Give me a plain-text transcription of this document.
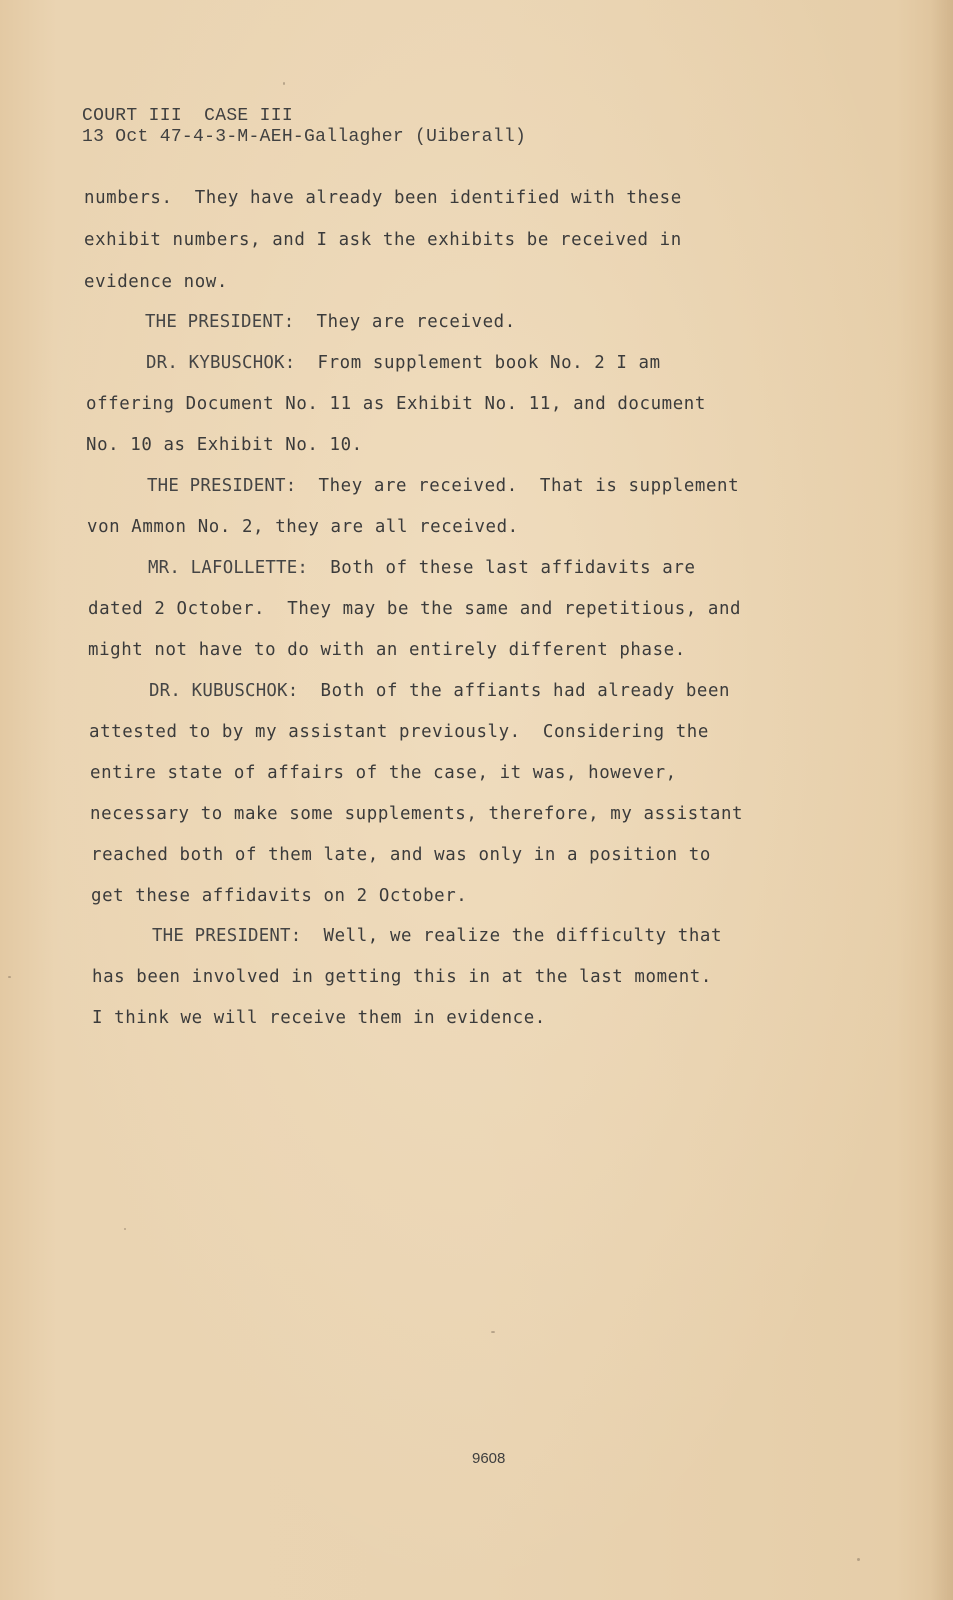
COURT III  CASE III
13 Oct 47-4-3-M-AEH-Gallagher (Uiberall)
numbers.  They have already been identified with these
exhibit numbers, and I ask the exhibits be received in
evidence now.
THE PRESIDENT:  They are received.
DR. KYBUSCHOK:  From supplement book No. 2 I am
offering Document No. 11 as Exhibit No. 11, and document
No. 10 as Exhibit No. 10.
THE PRESIDENT:  They are received.  That is supplement
von Ammon No. 2, they are all received.
MR. LAFOLLETTE:  Both of these last affidavits are
dated 2 October.  They may be the same and repetitious, and
might not have to do with an entirely different phase.
DR. KUBUSCHOK:  Both of the affiants had already been
attested to by my assistant previously.  Considering the
entire state of affairs of the case, it was, however,
necessary to make some supplements, therefore, my assistant
reached both of them late, and was only in a position to
get these affidavits on 2 October.
THE PRESIDENT:  Well, we realize the difficulty that
has been involved in getting this in at the last moment.
I think we will receive them in evidence.
9608
